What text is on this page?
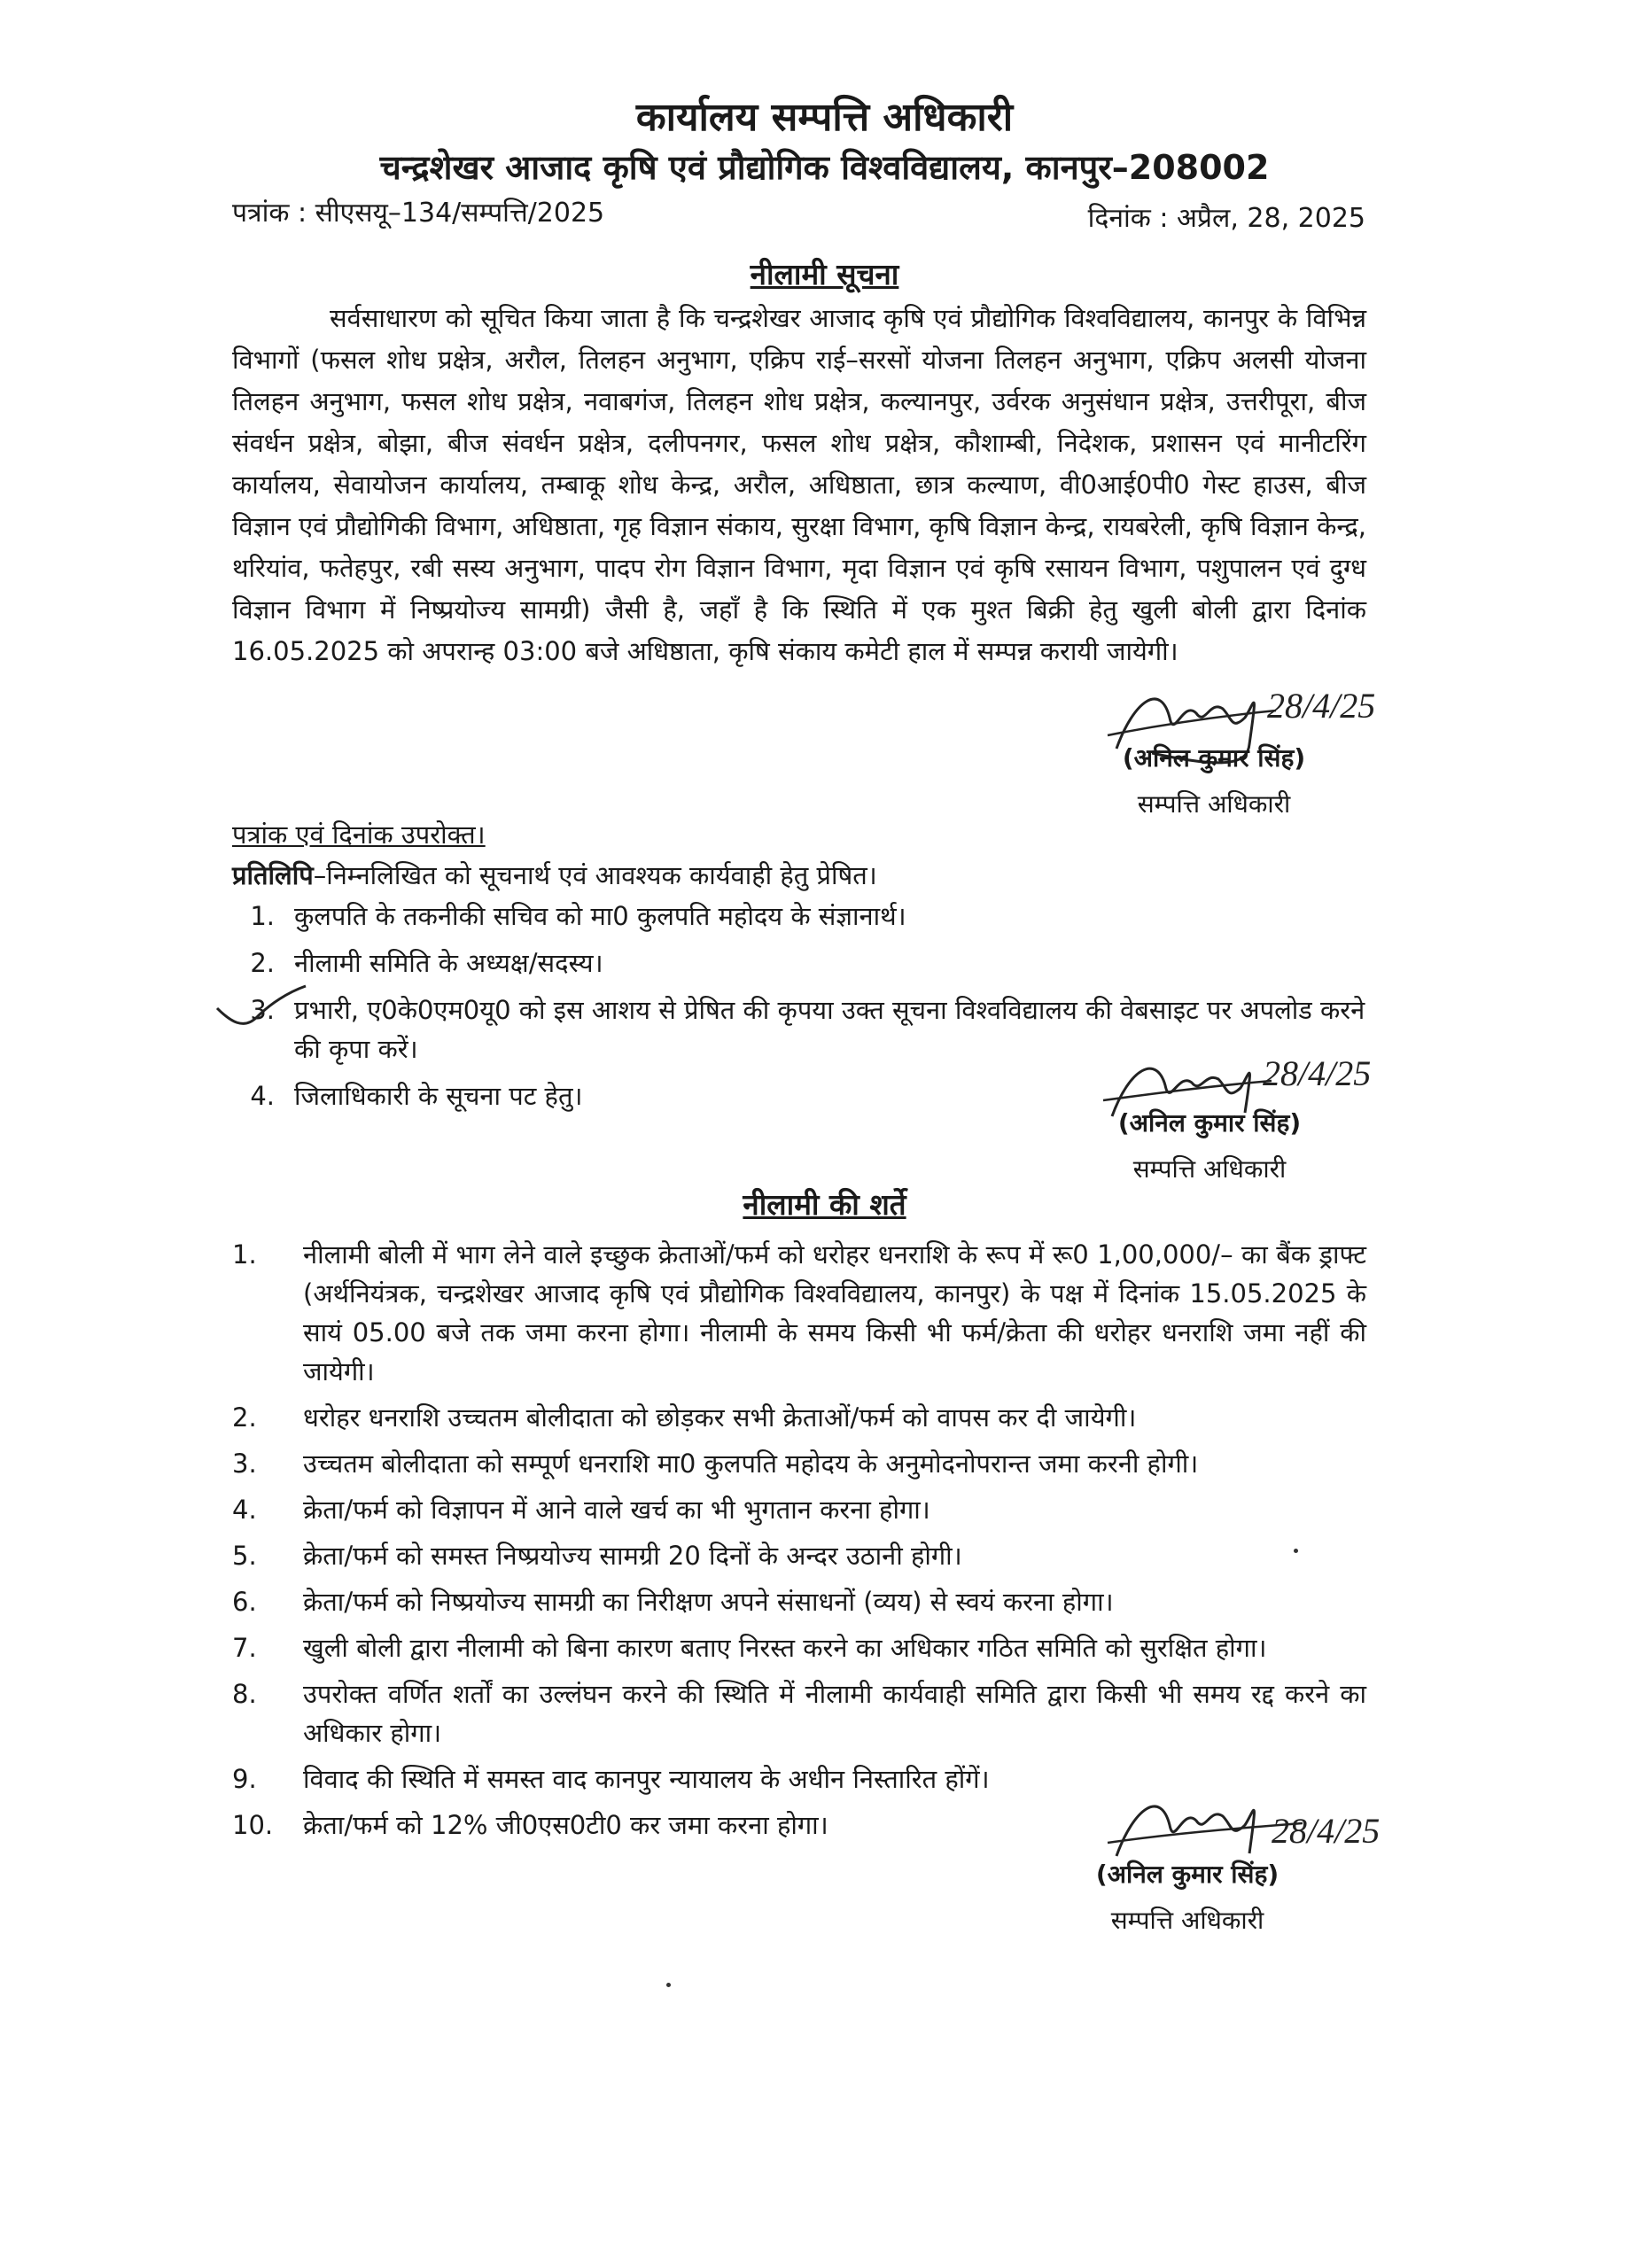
कार्यालय सम्पत्ति अधिकारी
चन्द्रशेखर आजाद कृषि एवं प्रौद्योगिक विश्वविद्यालय, कानपुर–208002
पत्रांक : सीएसयू–134/सम्पत्ति/2025	दिनांक : अप्रैल, 28, 2025
नीलामी सूचना
सर्वसाधारण को सूचित किया जाता है कि चन्द्रशेखर आजाद कृषि एवं प्रौद्योगिक विश्वविद्यालय, कानपुर के विभिन्न विभागों (फसल शोध प्रक्षेत्र, अरौल, तिलहन अनुभाग, एक्रिप राई–सरसों योजना तिलहन अनुभाग, एक्रिप अलसी योजना तिलहन अनुभाग, फसल शोध प्रक्षेत्र, नवाबगंज, तिलहन शोध प्रक्षेत्र, कल्यानपुर, उर्वरक अनुसंधान प्रक्षेत्र, उत्तरीपूरा, बीज संवर्धन प्रक्षेत्र, बोझा, बीज संवर्धन प्रक्षेत्र, दलीपनगर, फसल शोध प्रक्षेत्र, कौशाम्बी, निदेशक, प्रशासन एवं मानीटरिंग कार्यालय, सेवायोजन कार्यालय, तम्बाकू शोध केन्द्र, अरौल, अधिष्ठाता, छात्र कल्याण, वी0आई0पी0 गेस्ट हाउस, बीज विज्ञान एवं प्रौद्योगिकी विभाग, अधिष्ठाता, गृह विज्ञान संकाय, सुरक्षा विभाग, कृषि विज्ञान केन्द्र, रायबरेली, कृषि विज्ञान केन्द्र, थरियांव, फतेहपुर, रबी सस्य अनुभाग, पादप रोग विज्ञान विभाग, मृदा विज्ञान एवं कृषि रसायन विभाग, पशुपालन एवं दुग्ध विज्ञान विभाग में निष्प्रयोज्य सामग्री) जैसी है, जहाँ है कि स्थिति में एक मुश्त बिक्री हेतु खुली बोली द्वारा दिनांक 16.05.2025 को अपरान्ह 03:00 बजे अधिष्ठाता, कृषि संकाय कमेटी हाल में सम्पन्न करायी जायेगी।
28/4/25
(अनिल कुमार सिंह)
सम्पत्ति अधिकारी
पत्रांक एवं दिनांक उपरोक्त।
प्रतिलिपि–निम्नलिखित को सूचनार्थ एवं आवश्यक कार्यवाही हेतु प्रेषित।
1. कुलपति के तकनीकी सचिव को मा0 कुलपति महोदय के संज्ञानार्थ।
2. नीलामी समिति के अध्यक्ष/सदस्य।
3. प्रभारी, ए0के0एम0यू0 को इस आशय से प्रेषित की कृपया उक्त सूचना विश्वविद्यालय की वेबसाइट पर अपलोड करने की कृपा करें।
4. जिलाधिकारी के सूचना पट हेतु।
28/4/25
(अनिल कुमार सिंह)
सम्पत्ति अधिकारी
नीलामी की शर्ते
1.	नीलामी बोली में भाग लेने वाले इच्छुक क्रेताओं/फर्म को धरोहर धनराशि के रूप में रू0 1,00,000/– का बैंक ड्राफ्ट (अर्थनियंत्रक, चन्द्रशेखर आजाद कृषि एवं प्रौद्योगिक विश्वविद्यालय, कानपुर) के पक्ष में दिनांक 15.05.2025 के सायं 05.00 बजे तक जमा करना होगा। नीलामी के समय किसी भी फर्म/क्रेता की धरोहर धनराशि जमा नहीं की जायेगी।
2.	धरोहर धनराशि उच्चतम बोलीदाता को छोड़कर सभी क्रेताओं/फर्म को वापस कर दी जायेगी।
3.	उच्चतम बोलीदाता को सम्पूर्ण धनराशि मा0 कुलपति महोदय के अनुमोदनोपरान्त जमा करनी होगी।
4.	क्रेता/फर्म को विज्ञापन में आने वाले खर्च का भी भुगतान करना होगा।
5.	क्रेता/फर्म को समस्त निष्प्रयोज्य सामग्री 20 दिनों के अन्दर उठानी होगी।
6.	क्रेता/फर्म को निष्प्रयोज्य सामग्री का निरीक्षण अपने संसाधनों (व्यय) से स्वयं करना होगा।
7.	खुली बोली द्वारा नीलामी को बिना कारण बताए निरस्त करने का अधिकार गठित समिति को सुरक्षित होगा।
8.	उपरोक्त वर्णित शर्तों का उल्लंघन करने की स्थिति में नीलामी कार्यवाही समिति द्वारा किसी भी समय रद्द करने का अधिकार होगा।
9.	विवाद की स्थिति में समस्त वाद कानपुर न्यायालय के अधीन निस्तारित होंगें।
10.	क्रेता/फर्म को 12% जी0एस0टी0 कर जमा करना होगा।	28/4/25
(अनिल कुमार सिंह)
सम्पत्ति अधिकारी
